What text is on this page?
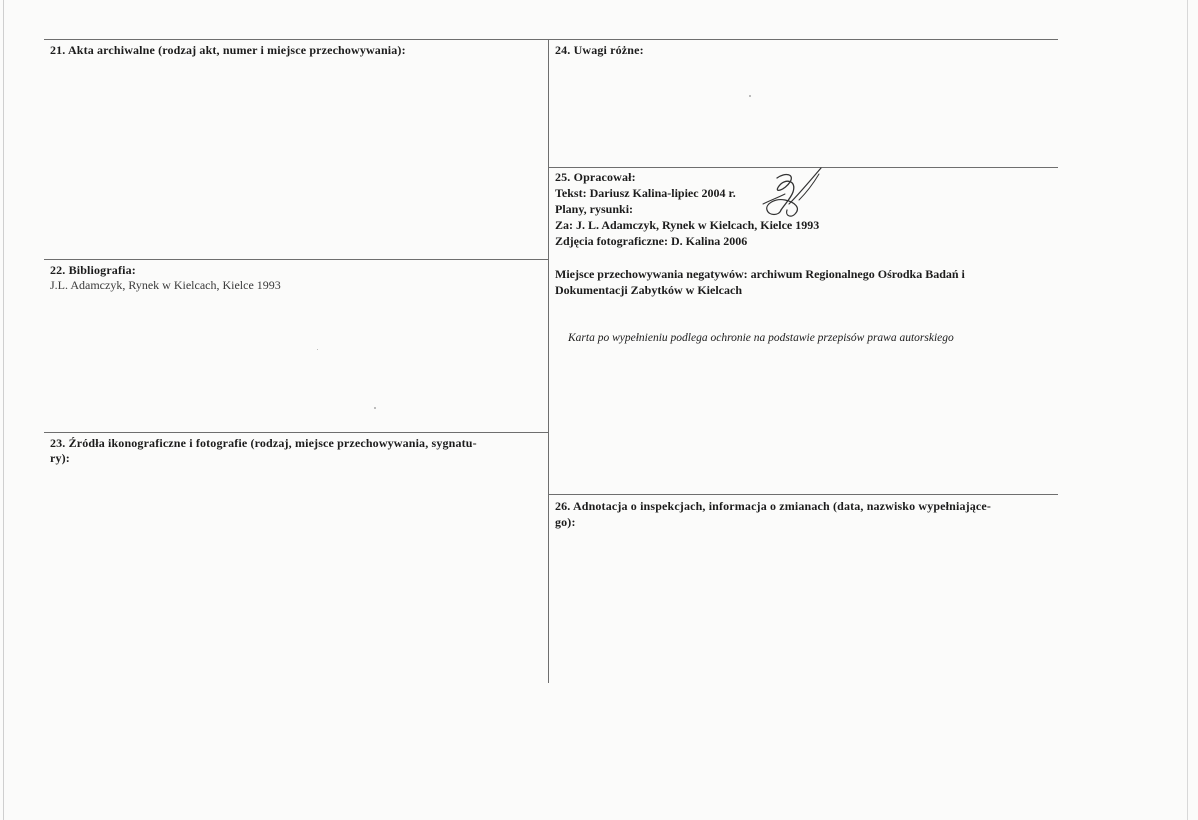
21. Akta archiwalne (rodzaj akt, numer i miejsce przechowywania):
22. Bibliografia:
J.L. Adamczyk, Rynek w Kielcach, Kielce 1993
23. Źródła ikonograficzne i fotografie (rodzaj, miejsce przechowywania, sygnatu-
ry):
24. Uwagi różne:
25. Opracował:
Tekst: Dariusz Kalina-lipiec 2004 r.
Plany, rysunki:
Za: J. L. Adamczyk, Rynek w Kielcach, Kielce 1993
Zdjęcia fotograficzne: D. Kalina 2006
Miejsce przechowywania negatywów: archiwum Regionalnego Ośrodka Badań i
Dokumentacji Zabytków w Kielcach
Karta po wypełnieniu podlega ochronie na podstawie przepisów prawa autorskiego
26. Adnotacja o inspekcjach, informacja o zmianach (data, nazwisko wypełniające-
go):
